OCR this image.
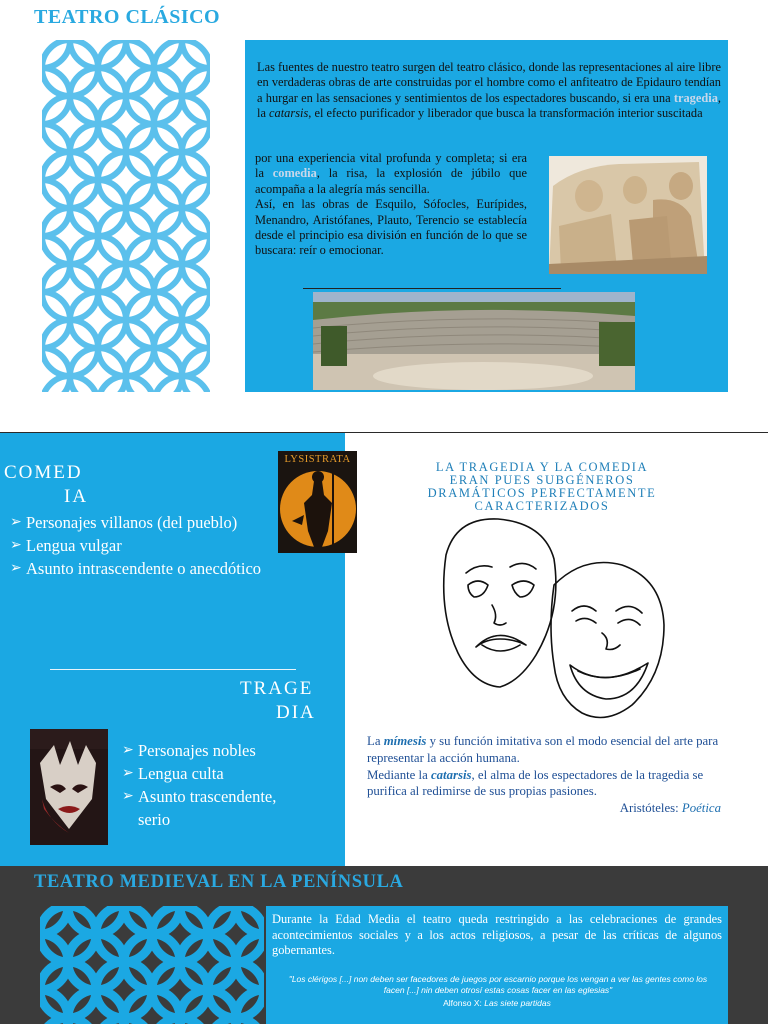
TEATRO CLÁSICO

Las fuentes de nuestro teatro surgen del teatro clásico, donde las representaciones al aire libre en verdaderas obras de arte construidas por el hombre como el anfiteatro de Epidauro tendían a hurgar en las sensaciones y sentimientos de los espectadores buscando, si era una tragedia, la catarsis, el efecto purificador y liberador que busca la transformación interior suscitada

por una experiencia vital profunda y completa; si era la comedia, la risa, la explosión de júbilo que acompaña a la alegría más sencilla.

Así, en las obras de Esquilo, Sófocles, Eurípides, Menandro, Aristófanes, Plauto, Terencio se establecía desde el principio esa división en función de lo que se buscara: reír o emocionar.

COMED
IA
➢ Personajes villanos (del pueblo)
➢ Lengua vulgar
➢ Asunto intrascendente o anecdótico
TRAGE
DIA
➢ Personajes nobles
➢ Lengua culta
➢ Asunto trascendente,
serio
LYSISTRATA
LA TRAGEDIA Y LA COMEDIA
ERAN PUES SUBGÉNEROS
DRAMÁTICOS PERFECTAMENTE
CARACTERIZADOS

La mímesis y su función imitativa son el modo esencial del arte para representar la acción humana.

Mediante la catarsis, el alma de los espectadores de la tragedia se purifica al redimirse de sus propias pasiones.

Aristóteles: Poética

TEATRO MEDIEVAL EN LA PENÍNSULA

Durante la Edad Media el teatro queda restringido a las celebraciones de grandes acontecimientos sociales y a los actos religiosos, a pesar de las críticas de algunos gobernantes.

"Los clérigos [...] non deben ser facedores de juegos por escarnio porque los vengan a ver las gentes como los facen [...] nin deben otrosí estas cosas facer en las eglesias"

Alfonso X: Las siete partidas
